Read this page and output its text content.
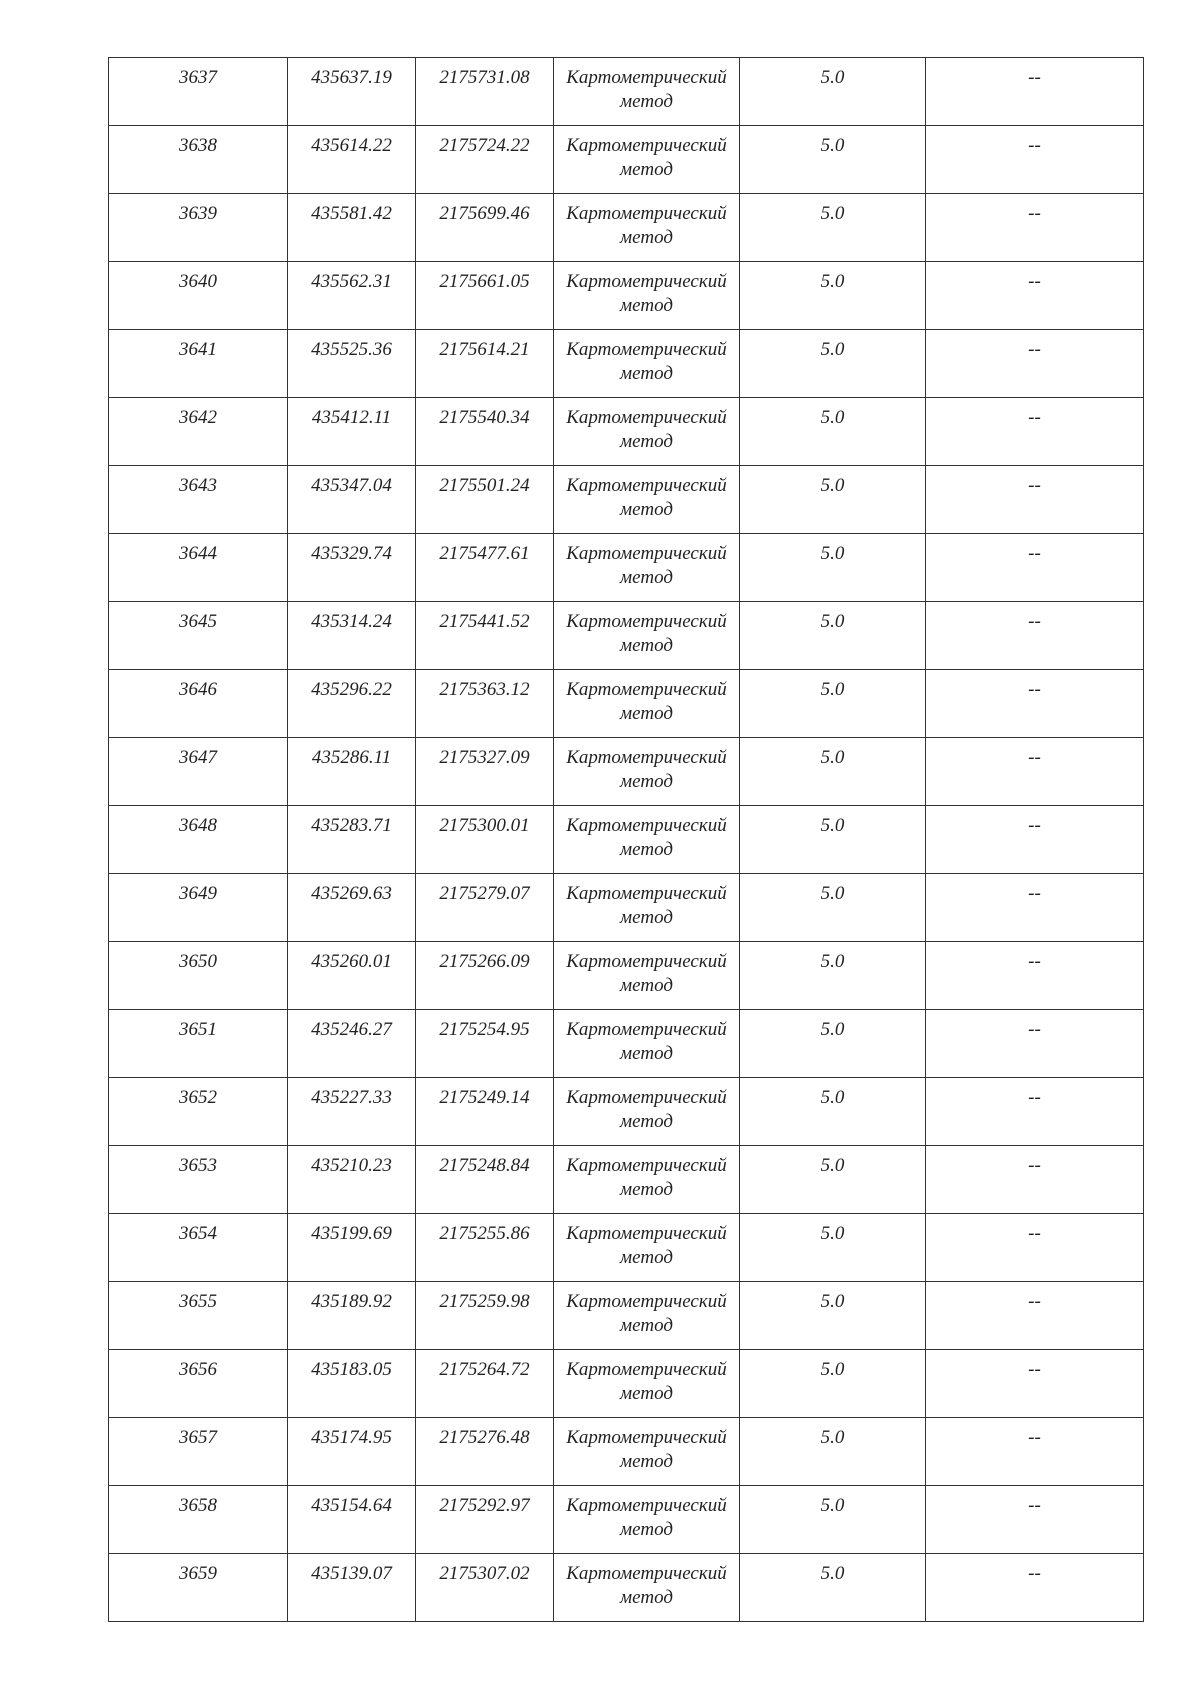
3637	435637.19	2175731.08	Картометрический метод	5.0	--

3638	435614.22	2175724.22	Картометрический метод	5.0	--

3639	435581.42	2175699.46	Картометрический метод	5.0	--

3640	435562.31	2175661.05	Картометрический метод	5.0	--

3641	435525.36	2175614.21	Картометрический метод	5.0	--

3642	435412.11	2175540.34	Картометрический метод	5.0	--

3643	435347.04	2175501.24	Картометрический метод	5.0	--

3644	435329.74	2175477.61	Картометрический метод	5.0	--

3645	435314.24	2175441.52	Картометрический метод	5.0	--

3646	435296.22	2175363.12	Картометрический метод	5.0	--

3647	435286.11	2175327.09	Картометрический метод	5.0	--

3648	435283.71	2175300.01	Картометрический метод	5.0	--

3649	435269.63	2175279.07	Картометрический метод	5.0	--

3650	435260.01	2175266.09	Картометрический метод	5.0	--

3651	435246.27	2175254.95	Картометрический метод	5.0	--

3652	435227.33	2175249.14	Картометрический метод	5.0	--

3653	435210.23	2175248.84	Картометрический метод	5.0	--

3654	435199.69	2175255.86	Картометрический метод	5.0	--

3655	435189.92	2175259.98	Картометрический метод	5.0	--

3656	435183.05	2175264.72	Картометрический метод	5.0	--

3657	435174.95	2175276.48	Картометрический метод	5.0	--

3658	435154.64	2175292.97	Картометрический метод	5.0	--

3659	435139.07	2175307.02	Картометрический метод	5.0	--
